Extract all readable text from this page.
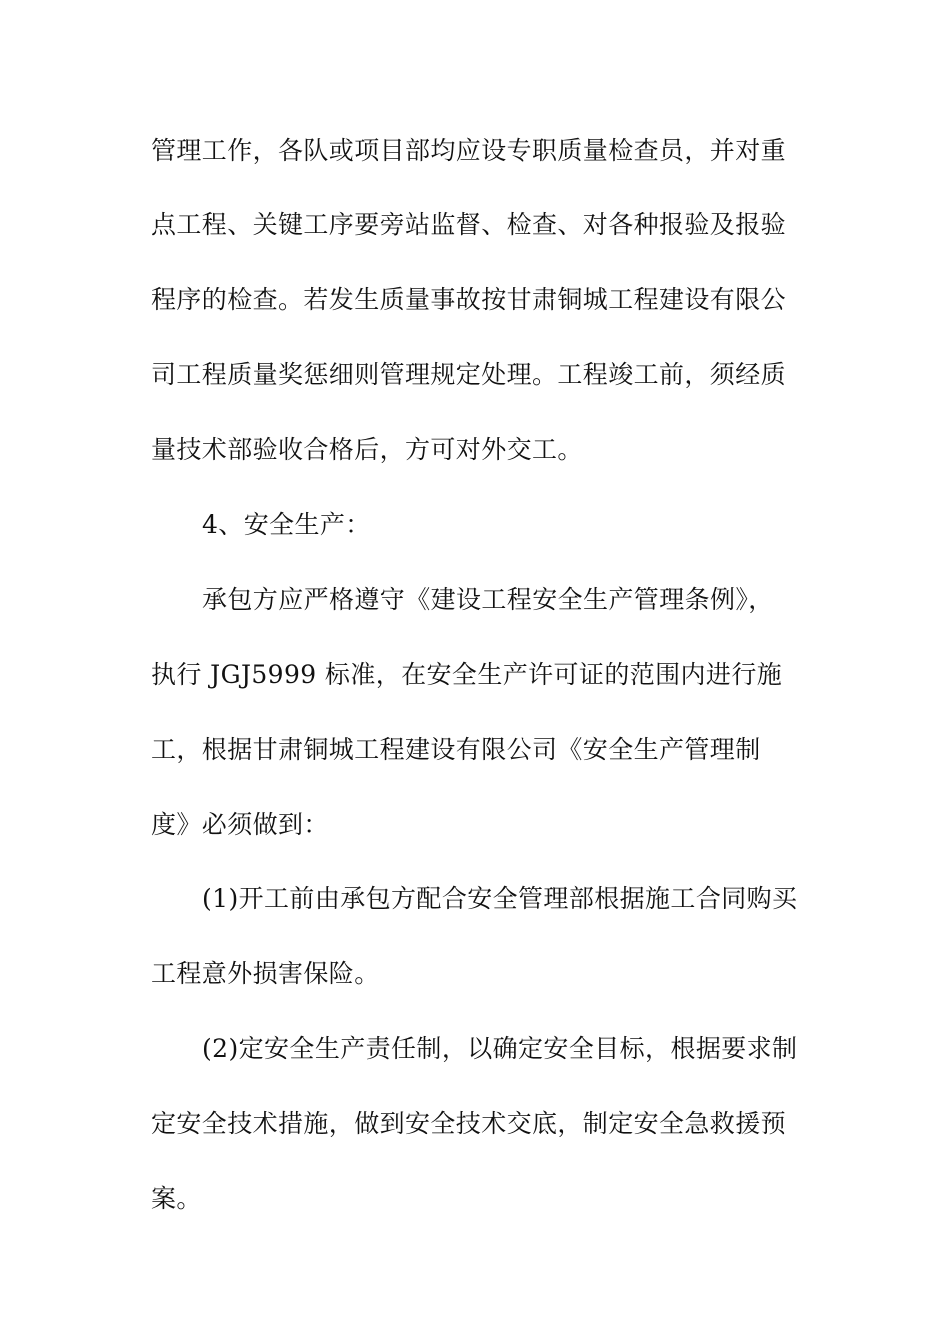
管理工作，各队或项目部均应设专职质量检查员，并对重
点工程、关键工序要旁站监督、检查、对各种报验及报验
程序的检查。若发生质量事故按甘肃铜城工程建设有限公
司工程质量奖惩细则管理规定处理。工程竣工前，须经质
量技术部验收合格后，方可对外交工。
4、安全生产：
承包方应严格遵守《建设工程安全生产管理条例》，
执行 JGJ5999 标准，在安全生产许可证的范围内进行施
工，根据甘肃铜城工程建设有限公司《安全生产管理制
度》必须做到：
(1)开工前由承包方配合安全管理部根据施工合同购买
工程意外损害保险。
(2)定安全生产责任制，以确定安全目标，根据要求制
定安全技术措施，做到安全技术交底，制定安全急救援预
案。
